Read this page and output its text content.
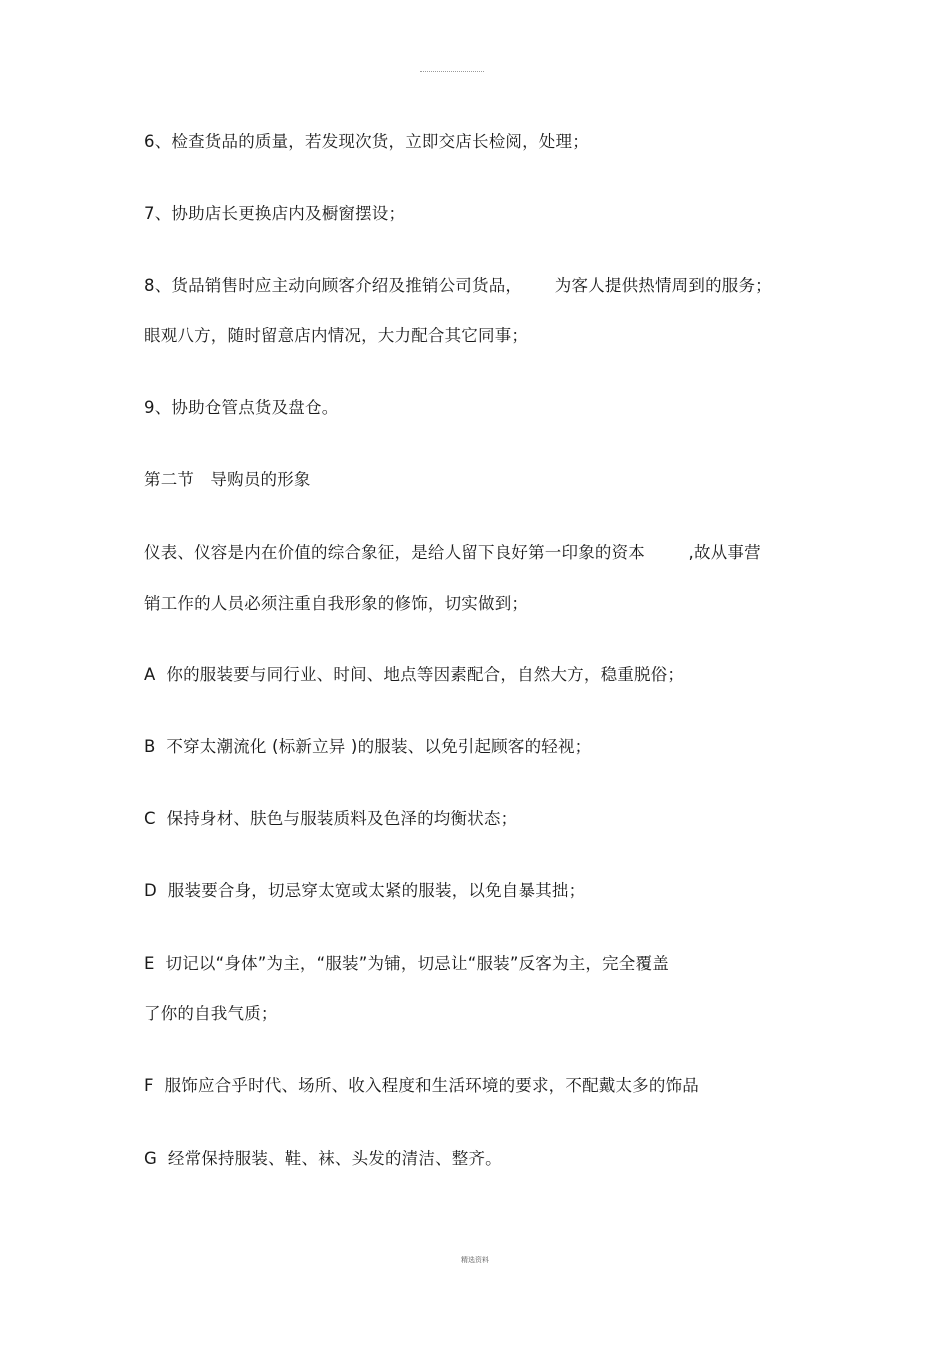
6、检查货品的质量，若发现次货，立即交店长检阅，处理；
7、协助店长更换店内及橱窗摆设；
8、货品销售时应主动向顾客介绍及推销公司货品，      为客人提供热情周到的服务；
眼观八方，随时留意店内情况，大力配合其它同事；
9、协助仓管点货及盘仓。
第二节   导购员的形象
仪表、仪容是内在价值的综合象征，是给人留下良好第一印象的资本        ,故从事营
销工作的人员必须注重自我形象的修饰，切实做到；
A  你的服装要与同行业、时间、地点等因素配合，自然大方，稳重脱俗；
B  不穿太潮流化 (标新立异 )的服装、以免引起顾客的轻视；
C  保持身材、肤色与服装质料及色泽的均衡状态；
D  服装要合身，切忌穿太宽或太紧的服装，以免自暴其拙；
E  切记以“身体”为主，“服装”为铺，切忌让“服装”反客为主，完全覆盖
了你的自我气质；
F  服饰应合乎时代、场所、收入程度和生活环境的要求，不配戴太多的饰品
G  经常保持服装、鞋、袜、头发的清洁、整齐。
精选资料
